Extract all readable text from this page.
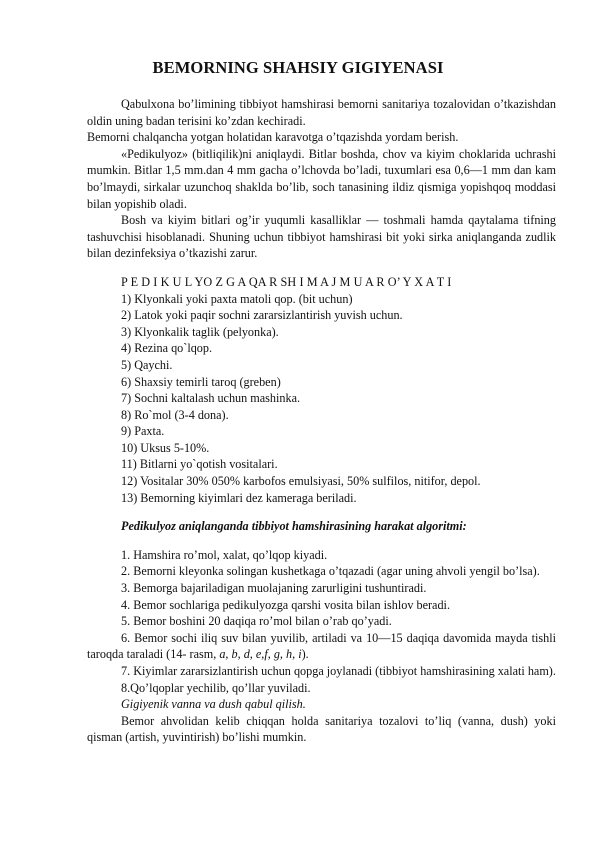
BEMORNING SHAHSIY GIGIYENASI

Qabulxona bo’limining tibbiyot hamshirasi bemorni sanitariya tozalovidan o’tkazishdan oldin uning badan terisini ko’zdan kechiradi.

Bemorni chalqancha yotgan holatidan karavotga o’tqazishda yordam berish.

«Pedikulyoz» (bitliqilik)ni aniqlaydi. Bitlar boshda, chov va kiyim choklarida uchrashi mumkin. Bitlar 1,5 mm.dan 4 mm gacha o’lchovda bo’ladi, tuxumlari esa 0,6—1 mm dan kam bo’lmaydi, sirkalar uzunchoq shaklda bo’lib, soch tanasining ildiz qismiga yopishqoq moddasi bilan yopishib oladi.

Bosh va kiyim bitlari og’ir yuqumli kasalliklar — toshmali hamda qaytalama tifning tashuvchisi hisoblanadi. Shuning uchun tibbiyot hamshirasi bit yoki sirka aniqlanganda zudlik bilan dezinfeksiya o’tkazishi zarur.

P E D I K U L YO Z G A QA R SH I M A J M U A R O’ Y X A T I

1) Klyonkali yoki paxta matoli qop. (bit uchun)

2) Latok yoki paqir sochni zararsizlantirish yuvish uchun.

3) Klyonkalik taglik (pelyonka).

4) Rezina qo`lqop.

5) Qaychi.

6) Shaxsiy temirli taroq (greben)

7) Sochni kaltalash uchun mashinka.

8) Ro`mol (3-4 dona).

9) Paxta.

10) Uksus 5-10%.

11) Bitlarni yo`qotish vositalari.

12) Vositalar 30% 050% karbofos emulsiyasi, 50% sulfilos, nitifor, depol.

13) Bemorning kiyimlari dez kameraga beriladi.

Pedikulyoz aniqlanganda tibbiyot hamshirasining harakat algoritmi:

1. Hamshira ro’mol, xalat, qo’lqop kiyadi.

2. Bemorni kleyonka solingan kushetkaga o’tqazadi (agar uning ahvoli yengil bo’lsa).

3. Bemorga bajariladigan muolajaning zarurligini tushuntiradi.

4. Bemor sochlariga pedikulyozga qarshi vosita bilan ishlov beradi.

5. Bemor boshini 20 daqiqa ro’mol bilan o’rab qo’yadi.

6. Bemor sochi iliq suv bilan yuvilib, artiladi va 10—15 daqiqa davomida mayda tishli taroqda taraladi (14- rasm, a, b, d, e,f, g, h, i).

7. Kiyimlar zararsizlantirish uchun qopga joylanadi (tibbiyot hamshirasining xalati ham).

8.Qo’lqoplar yechilib, qo’llar yuviladi.

Gigiyenik vanna va dush qabul qilish.

Bemor ahvolidan kelib chiqqan holda sanitariya tozalovi to’liq (vanna, dush) yoki qisman (artish, yuvintirish) bo’lishi mumkin.
